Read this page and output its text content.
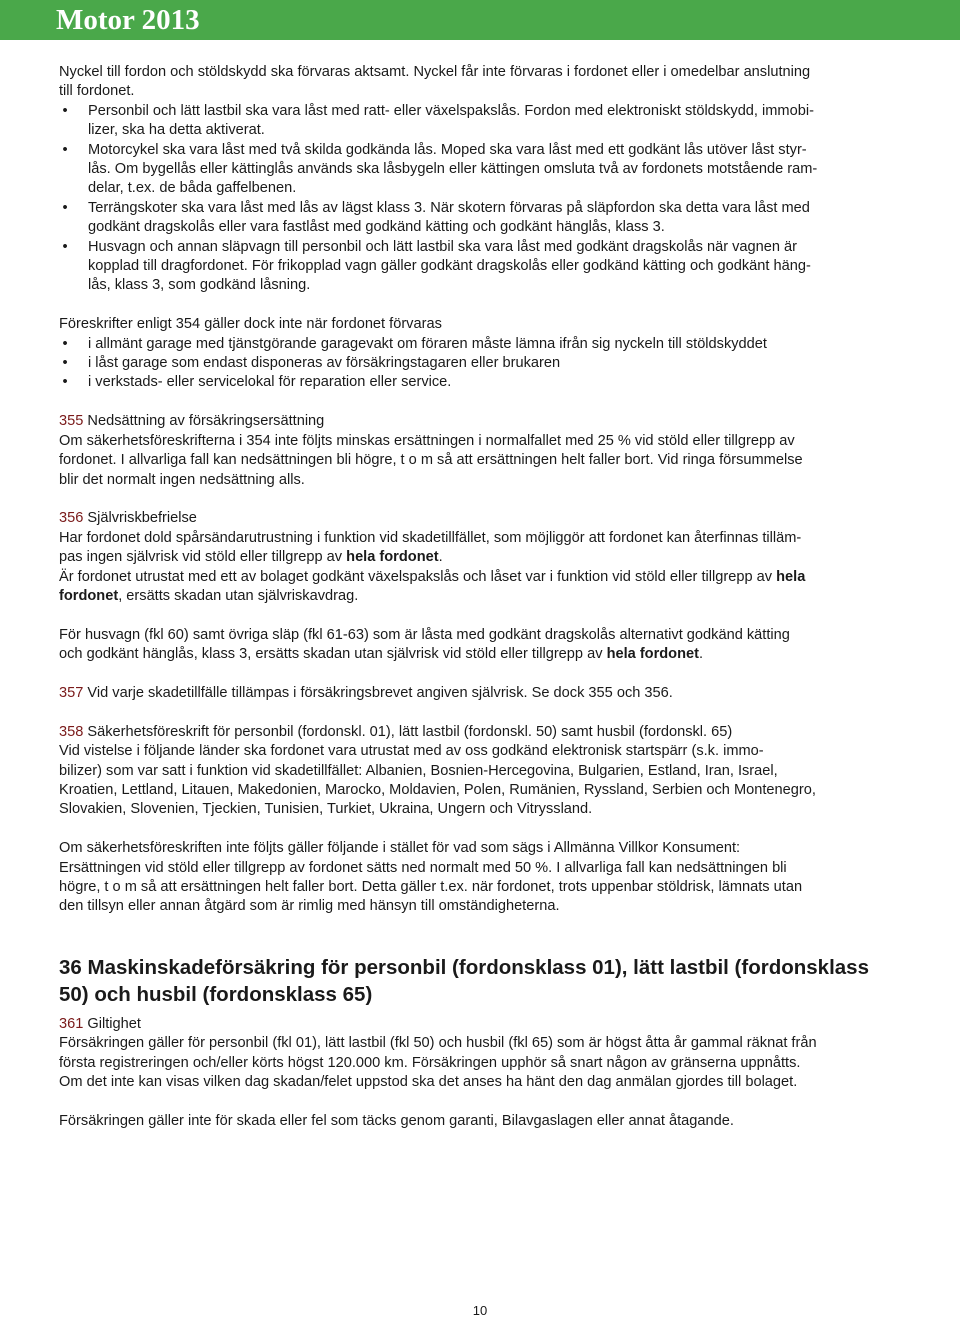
Motor 2013

Nyckel till fordon och stöldskydd ska förvaras aktsamt. Nyckel får inte förvaras i fordonet eller i omedelbar anslutning

till fordonet.

• Personbil och lätt lastbil ska vara låst med ratt- eller växelspakslås. Fordon med elektroniskt stöldskydd, immobi-
lizer, ska ha detta aktiverat.
• Motorcykel ska vara låst med två skilda godkända lås. Moped ska vara låst med ett godkänt lås utöver låst styr-
lås. Om bygellås eller kättinglås används ska låsbygeln eller kättingen omsluta två av fordonets motstående ram-
delar, t.ex. de båda gaffelbenen.
• Terrängskoter ska vara låst med lås av lägst klass 3. När skotern förvaras på släpfordon ska detta vara låst med
godkänt dragskolås eller vara fastlåst med godkänd kätting och godkänt hänglås, klass 3.
• Husvagn och annan släpvagn till personbil och lätt lastbil ska vara låst med godkänt dragskolås när vagnen är
kopplad till dragfordonet. För frikopplad vagn gäller godkänt dragskolås eller godkänd kätting och godkänt häng-
lås, klass 3, som godkänd låsning.

Föreskrifter enligt 354 gäller dock inte när fordonet förvaras

• i allmänt garage med tjänstgörande garagevakt om föraren måste lämna ifrån sig nyckeln till stöldskyddet
• i låst garage som endast disponeras av försäkringstagaren eller brukaren
• i verkstads- eller servicelokal för reparation eller service.

355 Nedsättning av försäkringsersättning

Om säkerhetsföreskrifterna i 354 inte följts minskas ersättningen i normalfallet med 25 % vid stöld eller tillgrepp av

fordonet. I allvarliga fall kan nedsättningen bli högre, t o m så att ersättningen helt faller bort. Vid ringa försummelse

blir det normalt ingen nedsättning alls.

356 Självriskbefrielse

Har fordonet dold spårsändarutrustning i funktion vid skadetillfället, som möjliggör att fordonet kan återfinnas tilläm-

pas ingen självrisk vid stöld eller tillgrepp av hela fordonet.

Är fordonet utrustat med ett av bolaget godkänt växelspakslås och låset var i funktion vid stöld eller tillgrepp av hela

fordonet, ersätts skadan utan självriskavdrag.

För husvagn (fkl 60) samt övriga släp (fkl 61-63) som är låsta med godkänt dragskolås alternativt godkänd kätting

och godkänt hänglås, klass 3, ersätts skadan utan självrisk vid stöld eller tillgrepp av hela fordonet.

357 Vid varje skadetillfälle tillämpas i försäkringsbrevet angiven självrisk. Se dock 355 och 356.

358 Säkerhetsföreskrift för personbil (fordonskl. 01), lätt lastbil (fordonskl. 50) samt husbil (fordonskl. 65)

Vid vistelse i följande länder ska fordonet vara utrustat med av oss godkänd elektronisk startspärr (s.k. immo-

bilizer) som var satt i funktion vid skadetillfället: Albanien, Bosnien-Hercegovina, Bulgarien, Estland, Iran, Israel,

Kroatien, Lettland, Litauen, Makedonien, Marocko, Moldavien, Polen, Rumänien, Ryssland, Serbien och Montenegro,

Slovakien, Slovenien, Tjeckien, Tunisien, Turkiet, Ukraina, Ungern och Vitryssland.

Om säkerhetsföreskriften inte följts gäller följande i stället för vad som sägs i Allmänna Villkor Konsument:

Ersättningen vid stöld eller tillgrepp av fordonet sätts ned normalt med 50 %. I allvarliga fall kan nedsättningen bli

högre, t o m så att ersättningen helt faller bort. Detta gäller t.ex. när fordonet, trots uppenbar stöldrisk, lämnats utan

den tillsyn eller annan åtgärd som är rimlig med hänsyn till omständigheterna.

36 Maskinskadeförsäkring för personbil (fordonsklass 01), lätt lastbil (fordonsklass
50) och husbil (fordonsklass 65)

361 Giltighet

Försäkringen gäller för personbil (fkl 01), lätt lastbil (fkl 50) och husbil (fkl 65) som är högst åtta år gammal räknat från

första registreringen och/eller körts högst 120.000 km. Försäkringen upphör så snart någon av gränserna uppnåtts.

Om det inte kan visas vilken dag skadan/felet uppstod ska det anses ha hänt den dag anmälan gjordes till bolaget.

Försäkringen gäller inte för skada eller fel som täcks genom garanti, Bilavgaslagen eller annat åtagande.

10
